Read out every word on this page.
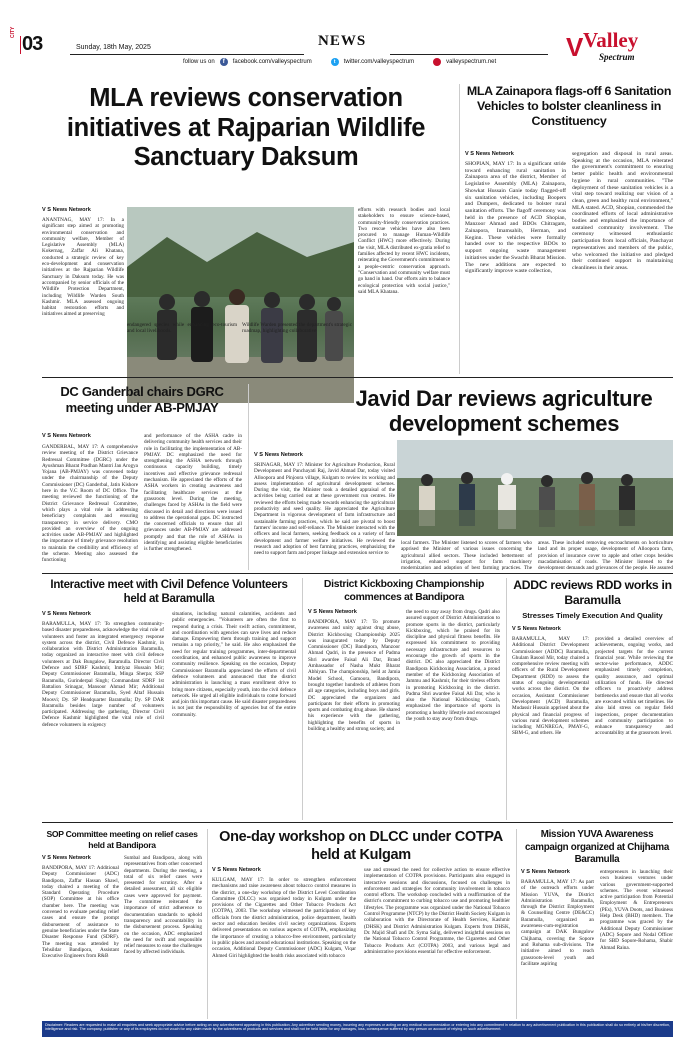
CITY
03	Sunday, 18th May, 2025	NEWS
follow us on	f	facebook.com/valleyspectrum	t	twitter.com/valleyspectrum	valleyspectrum.net	V Valley
Spectrum
MLA reviews conservation initiatives at Rajparian Wildlife Sanctuary Daksum
V S News Network
ANANTNAG, MAY 17: In a significant step aimed at promoting environmental conservation and community welfare, Member of Legislative Assembly (MLA) Kokernag, Zaffar Ali Khatana, conducted a strategic review of key eco-development and conservation initiatives at the Rajparian Wildlife Sanctuary in Daksum today. He was accompanied by senior officials of the Wildlife Protection Department, including Wildlife Warden South Kashmir. MLA assessed ongoing habitat restoration efforts and initiatives aimed at preserving
efforts with research bodies and local stakeholders to ensure science-based, community-friendly conservation practices. Two rescue vehicles have also been procured to manage Human-Wildlife Conflict (HWC) more effectively. During the visit, MLA distributed ex-gratia relief to families affected by recent HWC incidents, reiterating the Government's commitment to a people-centric conservation approach. "Conservation and community welfare must go hand in hand. Our efforts aim to balance ecological protection with social justice," said MLA Khatana.
endangered species while enhancing eco-tourism and local livelihoods.
Wildlife Warden presented the department's strategic roadmap, highlighting collaborative
MLA Zainapora flags-off 6 Sanitation Vehicles to bolster cleanliness in Constituency
V S News Network
SHOPIAN, MAY 17: In a significant stride toward enhancing rural sanitation in Zainapora area of the district, Member of Legislative Assembly (MLA) Zainapora, Showkat Hussain Ganie today flagged-off six sanitation vehicles, including Boopers and Dumpers, dedicated to bolster rural sanitation efforts. The flagoff ceremony was held in the presence of ACD Shopian, Manzoor Ahmad and BDOs Chitragam, Zainapora, Imamsahib, Herman, and Keginn. These vehicles were formally handed over to the respective BDOs to support ongoing waste management initiatives under the Swachh Bharat Mission. The new additions are expected to significantly improve waste collection,
segregation and disposal in rural areas. Speaking at the occasion, MLA reiterated the government's commitment to ensuring better public health and environmental hygiene in rural communities. "The deployment of these sanitation vehicles is a vital step toward realizing our vision of a clean, green and healthy rural environment," MLA stated. ACD, Shopian, commended the coordinated efforts of local administrative bodies and emphasized the importance of sustained community involvement. The ceremony witnessed enthusiastic participation from local officials, Panchayat representatives and members of the public, who welcomed the initiative and pledged their continued support in maintaining cleanliness in their areas.
DC Ganderbal chairs DGRC meeting under AB-PMJAY
V S News Network
GANDERBAL, MAY 17: A comprehensive review meeting of the District Grievance Redressal Committee (DGRC) under the Ayushman Bharat Pradhan Mantri Jan Arogya Yojana (AB-PMJAY) was convened today under the chairmanship of the Deputy Commissioner (DC) Ganderbal, Jatin Kishore here in the V.C Room of DC Office. The meeting reviewed the functioning of the District Grievance Redressal Committee, which plays a vital role in addressing beneficiary complaints and ensuring transparency in service delivery. CMO provided an overview of the ongoing activities under AB-PMJAY and highlighted the importance of timely grievance resolution to maintain the credibility and efficiency of the scheme. Meeting also assessed the functioning
and performance of the ASHA cadre in delivering community health services and their role in facilitating the implementation of AB-PMJAY. DC emphasized the need for strengthening the ASHA network through continuous capacity building, timely incentives and effective grievance redressal mechanism. He appreciated the efforts of the ASHA workers in creating awareness and facilitating healthcare services at the grassroots level. During the meeting, challenges faced by ASHAs in the field were discussed in detail and directions were issued to address the operational gaps. DC instructed the concerned officials to ensure that all grievances under AB-PMJAY are addressed promptly and that the role of ASHAs in identifying and assisting eligible beneficiaries is further strengthened.
Javid Dar reviews agriculture development schemes
V S News Network
SRINAGAR, MAY 17: Minister for Agriculture Production, Rural Development and Panchayati Raj, Javid Ahmad Dar, today visited Alloopora and Pinjoora village, Kulgam to review its working and assess implementation of agricultural development schemes. During the visit, the Minister took a detailed appraisal of the activities being carried out at these government run centres. He reviewed the efforts being made towards enhancing the agricultural productivity and seed quality. He appreciated the Agriculture Department in vigorous development of farm infrastructure and sustainable farming practices, which he said are pivotal to boost farmers' income and self-reliance. The Minister interacted with the officers and local farmers, seeking feedback on a variety of farm development and farmer welfare initiatives. He reviewed the research and adoption of best farming practices, emphasizing the need to support farm and proper linkage and extension service to
local farmers. The Minister listened to scores of farmers who apprised the Minister of various issues concerning the agricultural allied sectors. These included betterment of irrigation, enhanced support for farm machinery modernization and adoption of best farming practices. The
areas. These included removing encroachments on horticulture land and its proper usage, development of Alloopora farm, provision of insurance cover to apple and other crops besides macadamisation of roads. The Minister listened to the development demands and grievances of the people. He assured
Interactive meet with Civil Defence Volunteers held at Baramulla
V S News Network
BARAMULLA, MAY 17: To strengthen community-based disaster preparedness, acknowledge the vital role of volunteers and foster an integrated emergency response system across the district, Civil Defence Kashmir, in collaboration with District Administration Baramulla, today organized an interactive meet with civil defence volunteers at Dak Bungalow, Baramulla. Director Civil Defence and SDRF Kashmir, Imtiyaz Hussain Mir; Deputy Commissioner Baramulla, Minga Sherpa; SSP Baramulla, Gurinderpal Singh; Commandant SDRF 1st Battalion Srinagar, Mansoor Ahmad Mir; Additional Deputy Commissioner Baramulla, Syed Altaf Hussain Moosvi; Dy. SP Headquarter Baramulla; Dy. SP DAR Baramulla besides large number of volunteers participated. Addressing the gathering, Director Civil Defence Kashmir highlighted the vital role of civil defence volunteers in exigency
situations, including natural calamities, accidents and public emergencies. "Volunteers are often the first to respond during a crisis. Their swift action, commitment, and coordination with agencies can save lives and reduce damage. Empowering them through training and support remains a top priority," he said. He also emphasized the need for regular training programmes, inter-departmental coordination, and enhanced public awareness to improve community resilience. Speaking on the occasion, Deputy Commissioner Baramulla appreciated the efforts of civil defence volunteers and announced that the district administration is launching a mass enrollment drive to bring more citizens, especially youth, into the civil defence network. He urged all eligible individuals to come forward and join this important cause. He said disaster preparedness is not just the responsibility of agencies but of the entire community.
District Kickboxing Championship commences at Bandipora
V S News Network
BANDIPORA, MAY 17: To promote awareness and unity against drug abuse, District Kickboxing Championship 2025 was inaugurated today by Deputy Commissioner (DC) Bandipora, Manzoor Ahmad Qadri, in the presence of Padma Shri awardee Faisal Ali Dar, Brand Ambassador of Nasha Mukt Bharat Abhiyan. The championship, held at Jamia Model School, Gamoora, Bandipora, brought together hundreds of athletes from all age categories, including boys and girls. DC appreciated the organizers and participants for their efforts in promoting sports and combating drug abuse. He shared his experience with the gathering, highlighting the benefits of sports in building a healthy and strong society, and
the need to stay away from drugs. Qadri also assured support of District Administration to promote sports in the district, particularly Kickboxing, which he praised for its discipline and physical fitness benefits. He expressed his commitment to providing necessary infrastructure and resources to encourage the growth of sports in the district. DC also appreciated the District Bandipora Kickboxing Association, a proud member of the Kickboxing Association of Jammu and Kashmir, for their tireless efforts in promoting Kickboxing in the district. Padma Shri awardee Faisal Ali Dar, who is also the National Kickboxing Coach, emphasized the importance of sports in promoting a healthy lifestyle and encouraged the youth to stay away from drugs.
ADDC reviews RDD works in Baramulla
Stresses Timely Execution And Quality
V S News Network
BARAMULLA, MAY 17: Additional District Development Commissioner (ADDC) Baramulla, Ghulam Rasool Mir, today chaired a comprehensive review meeting with officers of the Rural Development Department (RDD) to assess the status of ongoing developmental works across the district. On the occasion, Assistant Commissioner Development (ACD) Baramulla, Mudassir Hussain apprised about the physical and financial progress of various rural development schemes including MGNREGA, PMAY-G, SBM-G, and others. He
provided a detailed overview of achievements, ongoing works, and projected targets for the current financial year. While reviewing the sector-wise performance, ADDC emphasized timely completion, quality assurance, and optimal utilization of funds. He directed officers to proactively address bottlenecks and ensure that all works are executed within set timelines. He also laid stress on regular field inspections, proper documentation and community participation to enhance transparency and accountability at the grassroots level.
SOP Committee meeting on relief cases held at Bandipora
V S News Network
BANDIPORA, MAY 17: Additional Deputy Commissioner (ADC) Bandipora, Zaffar Hassan Shawl, today chaired a meeting of the Standard Operating Procedure (SOP) Committee at his office chamber here. The meeting was convened to evaluate pending relief cases and ensure the prompt disbursement of assistance to genuine beneficiaries under the State Disaster Response Fund (SDRF). The meeting was attended by Tehsildar Bandipora, Assistant Executive Engineers from R&B
Sumbal and Bandipora, along with representatives from other concerned departments. During the meeting, a total of six relief cases were presented for scrutiny. After a detailed assessment, all six eligible cases were approved for payment. The committee reiterated the importance of strict adherence to documentation standards to uphold transparency and accountability in the disbursement process. Speaking on the occasion, ADC emphasized the need for swift and responsible relief measures to ease the challenges faced by affected individuals.
One-day workshop on DLCC under COTPA held at Kulgam
V S News Network
KULGAM, MAY 17: In order to strengthen enforcement mechanisms and raise awareness about tobacco control measures in the district, a one-day workshop of the District Level Coordination Committee (DLCC) was organised today in Kulgam under the provisions of the Cigarettes and Other Tobacco Products Act (COTPA), 2003. The workshop witnessed the participation of key officials from the district administration, police department, health sector and education besides civil society organizations. Experts delivered presentations on various aspects of COTPA, emphasizing the importance of creating a tobacco-free environment, particularly in public places and around educational institutions. Speaking on the occasion, Additional Deputy Commissioner (ADC) Kulgam, Viqar Ahmed Giri highlighted the health risks associated with tobacco
use and stressed the need for collective action to ensure effective implementation of COTPA provisions. Participants also engaged in interactive sessions and discussions, focused on challenges in enforcement and strategies for community involvement in tobacco control efforts. The workshop concluded with a reaffirmation of the district's commitment to curbing tobacco use and promoting healthier lifestyles. The programme was organized under the National Tobacco Control Programme (NTCP) by the District Health Society Kulgam in collaboration with the Directorate of Health Services, Kashmir (DHSK) and District Administration Kulgam. Experts from DHSK, Dr. Majid Shafi and Dr. Syma Salig, delivered insightful sessions on the National Tobacco Control Programme, the Cigarettes and Other Tobacco Products Act (COTPA) 2003, and various legal and administrative provisions essential for effective enforcement.
Mission YUVA Awareness campaign organized at Chijhama Baramulla
V S News Network
BARAMULLA, MAY 17: As part of the outreach efforts under Mission YUVA, the District Administration Baramulla, through the District Employment & Counselling Centre (DE&CC) Baramulla, organized an awareness-cum-registration campaign at DAK Bungalow Chijhama, covering the Sopore and Rohama sub-divisions. The initiative aimed to reach grassroots-level youth and facilitate aspiring
entrepreneurs in launching their own business ventures under various government-supported schemes. The event witnessed active participation from Potential Employment & Entrepreneurs (PEs), YUVA Doots, and Business Help Desk (BHD) members. The programme was graced by the Additional Deputy Commissioner (ADC) Sopore and Nodal Officer for SBD Sopore-Rohama, Shabir Ahmad Raina.
Disclaimer: Readers are requested to make all enquiries and seek appropriate advice before acting on any advertisement appearing in this publication. Any advertiser sending money, incurring any expenses or acting on any medical recommendation or entering into any commitment in relation to any advertisement publication in this publication shall do so entirely at his/her discretion, intelligence and risk. The company, publisher or any of its employees do not vouch for any claim made by the advertisers of products and services and shall not be held liable for any damages, loss, consequence suffered by any person on account of relying on such advertisement.
